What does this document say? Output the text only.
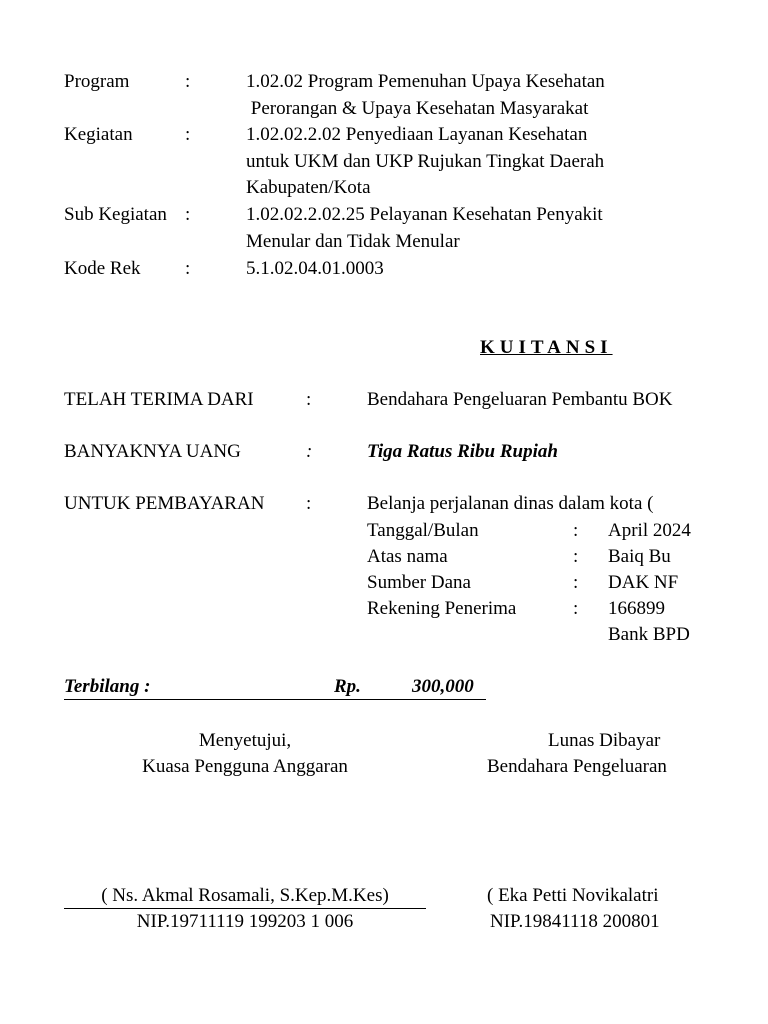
Program	:	1.02.02 Program Pemenuhan Upaya Kesehatan
Perorangan & Upaya Kesehatan Masyarakat
Kegiatan	:	1.02.02.2.02 Penyediaan Layanan Kesehatan
untuk UKM dan UKP Rujukan Tingkat Daerah
Kabupaten/Kota
Sub Kegiatan :	1.02.02.2.02.25 Pelayanan Kesehatan Penyakit
Menular dan Tidak Menular
Kode Rek :	5.1.02.04.01.0003
KUITANSI
TELAH TERIMA DARI	:	Bendahara Pengeluaran Pembantu BOK
BANYAKNYA UANG	:	Tiga Ratus Ribu Rupiah
UNTUK PEMBAYARAN :	Belanja perjalanan dinas dalam kota (
Tanggal/Bulan	: April 2024
Atas nama	: Baiq Bu
Sumber Dana	: DAK NF
Rekening Penerima	: 166899
Bank BPD
Terbilang :	Rp.	300,000
Menyetujui,
Kuasa Pengguna Anggaran
( Ns. Akmal Rosamali, S.Kep.M.Kes)
NIP.19711119 199203 1 006
Lunas Dibayar
Bendahara Pengeluaran
( Eka Petti Novikalatri
NIP.19841118 200801
